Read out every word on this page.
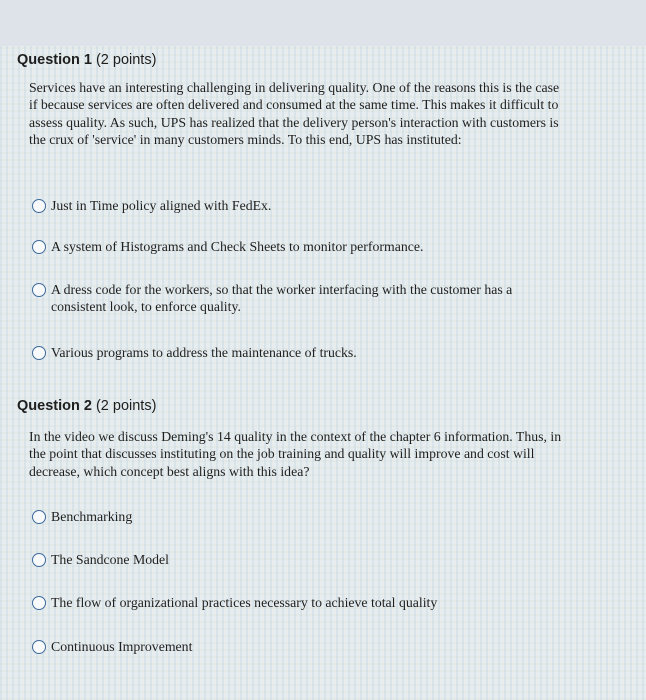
Question 1 (2 points)
Services have an interesting challenging in delivering quality. One of the reasons this is the case if because services are often delivered and consumed at the same time. This makes it difficult to assess quality. As such, UPS has realized that the delivery person's interaction with customers is the crux of 'service' in many customers minds. To this end, UPS has instituted:
Just in Time policy aligned with FedEx.
A system of Histograms and Check Sheets to monitor performance.
A dress code for the workers, so that the worker interfacing with the customer has a consistent look, to enforce quality.
Various programs to address the maintenance of trucks.
Question 2 (2 points)
In the video we discuss Deming's 14 quality in the context of the chapter 6 information. Thus, in the point that discusses instituting on the job training and quality will improve and cost will decrease, which concept best aligns with this idea?
Benchmarking
The Sandcone Model
The flow of organizational practices necessary to achieve total quality
Continuous Improvement
